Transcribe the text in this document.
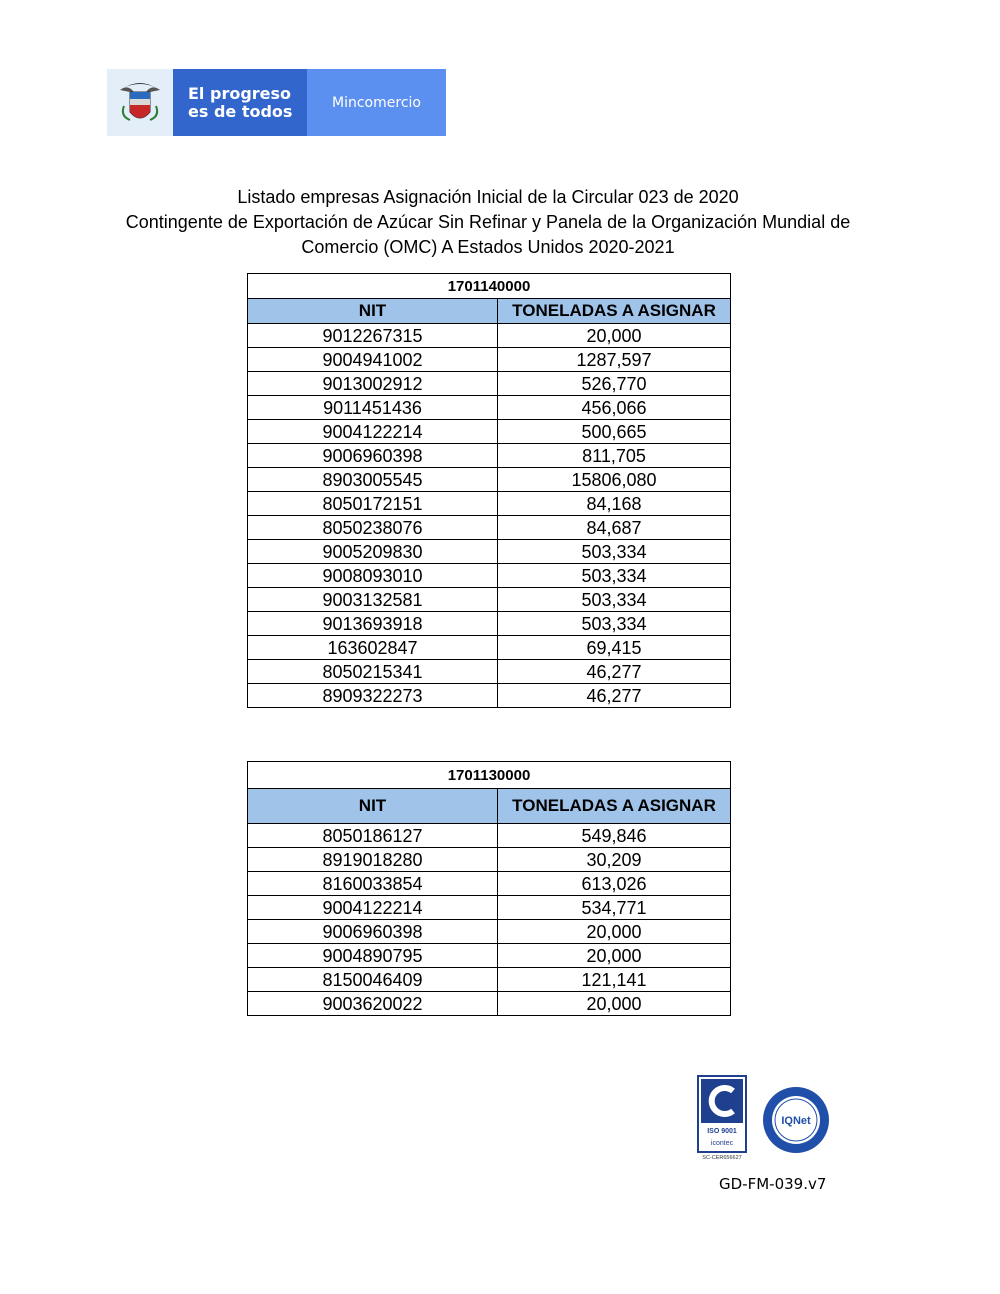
El progreso
es de todos	Mincomercio
Listado empresas Asignación Inicial de la Circular 023 de 2020
Contingente de Exportación de Azúcar Sin Refinar y Panela de la Organización Mundial de
Comercio (OMC) A Estados Unidos 2020-2021
1701140000	
NIT	TONELADAS A ASIGNAR
9012267315	20,000
9004941002	1287,597
9013002912	526,770
9011451436	456,066
9004122214	500,665
9006960398	811,705
8903005545	15806,080
8050172151	84,168
8050238076	84,687
9005209830	503,334
9008093010	503,334
9003132581	503,334
9013693918	503,334
163602847	69,415
8050215341	46,277
8909322273	46,277
1701130000	
NIT	TONELADAS A ASIGNAR
8050186127	549,846
8919018280	30,209
8160033854	613,026
9004122214	534,771
9006960398	20,000
9004890795	20,000
8150046409	121,141
9003620022	20,000
ISO 9001
icontec
SC-CER656627
IQNet
GD-FM-039.v7
